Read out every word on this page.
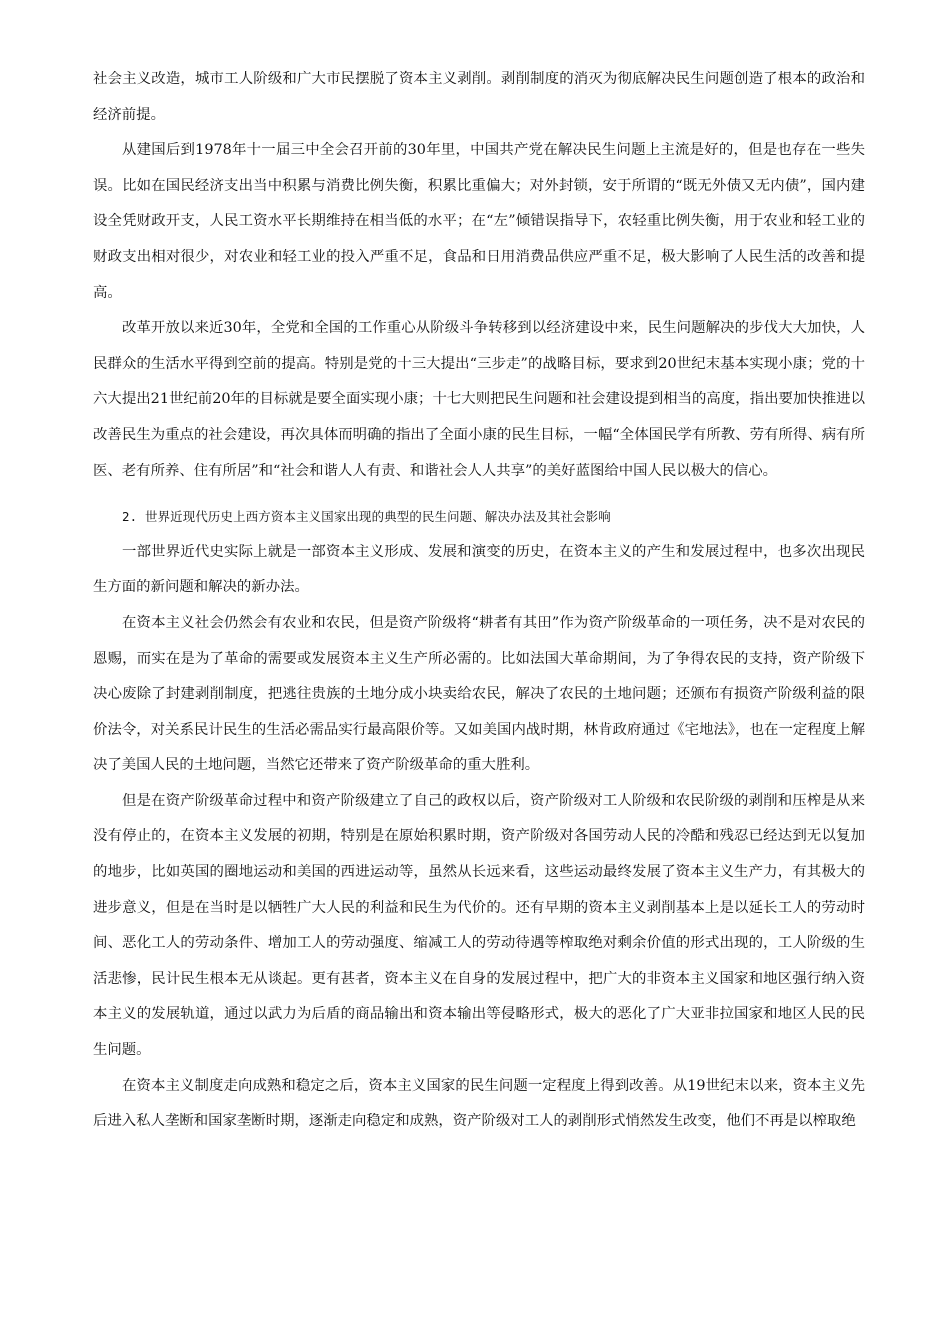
社会主义改造，城市工人阶级和广大市民摆脱了资本主义剥削。剥削制度的消灭为彻底解决民生问题创造了根本的政治和经济前提。

从建国后到1978年十一届三中全会召开前的30年里，中国共产党在解决民生问题上主流是好的，但是也存在一些失误。比如在国民经济支出当中积累与消费比例失衡，积累比重偏大；对外封锁，安于所谓的“既无外债又无内债”，国内建设全凭财政开支，人民工资水平长期维持在相当低的水平；在“左”倾错误指导下，农轻重比例失衡，用于农业和轻工业的财政支出相对很少，对农业和轻工业的投入严重不足，食品和日用消费品供应严重不足，极大影响了人民生活的改善和提高。

改革开放以来近30年，全党和全国的工作重心从阶级斗争转移到以经济建设中来，民生问题解决的步伐大大加快，人民群众的生活水平得到空前的提高。特别是党的十三大提出“三步走”的战略目标，要求到20世纪末基本实现小康；党的十六大提出21世纪前20年的目标就是要全面实现小康；十七大则把民生问题和社会建设提到相当的高度，指出要加快推进以改善民生为重点的社会建设，再次具体而明确的指出了全面小康的民生目标，一幅“全体国民学有所教、劳有所得、病有所医、老有所养、住有所居”和“社会和谐人人有责、和谐社会人人共享”的美好蓝图给中国人民以极大的信心。

2. 世界近现代历史上西方资本主义国家出现的典型的民生问题、解决办法及其社会影响

一部世界近代史实际上就是一部资本主义形成、发展和演变的历史，在资本主义的产生和发展过程中，也多次出现民生方面的新问题和解决的新办法。

在资本主义社会仍然会有农业和农民，但是资产阶级将“耕者有其田”作为资产阶级革命的一项任务，决不是对农民的恩赐，而实在是为了革命的需要或发展资本主义生产所必需的。比如法国大革命期间，为了争得农民的支持，资产阶级下决心废除了封建剥削制度，把逃往贵族的土地分成小块卖给农民，解决了农民的土地问题；还颁布有损资产阶级利益的限价法令，对关系民计民生的生活必需品实行最高限价等。又如美国内战时期，林肯政府通过《宅地法》，也在一定程度上解决了美国人民的土地问题，当然它还带来了资产阶级革命的重大胜利。

但是在资产阶级革命过程中和资产阶级建立了自己的政权以后，资产阶级对工人阶级和农民阶级的剥削和压榨是从来没有停止的，在资本主义发展的初期，特别是在原始积累时期，资产阶级对各国劳动人民的冷酷和残忍已经达到无以复加的地步，比如英国的圈地运动和美国的西进运动等，虽然从长远来看，这些运动最终发展了资本主义生产力，有其极大的进步意义，但是在当时是以牺牲广大人民的利益和民生为代价的。还有早期的资本主义剥削基本上是以延长工人的劳动时间、恶化工人的劳动条件、增加工人的劳动强度、缩减工人的劳动待遇等榨取绝对剩余价值的形式出现的，工人阶级的生活悲惨，民计民生根本无从谈起。更有甚者，资本主义在自身的发展过程中，把广大的非资本主义国家和地区强行纳入资本主义的发展轨道，通过以武力为后盾的商品输出和资本输出等侵略形式，极大的恶化了广大亚非拉国家和地区人民的民生问题。

在资本主义制度走向成熟和稳定之后，资本主义国家的民生问题一定程度上得到改善。从19世纪末以来，资本主义先后进入私人垄断和国家垄断时期，逐渐走向稳定和成熟，资产阶级对工人的剥削形式悄然发生改变，他们不再是以榨取绝
